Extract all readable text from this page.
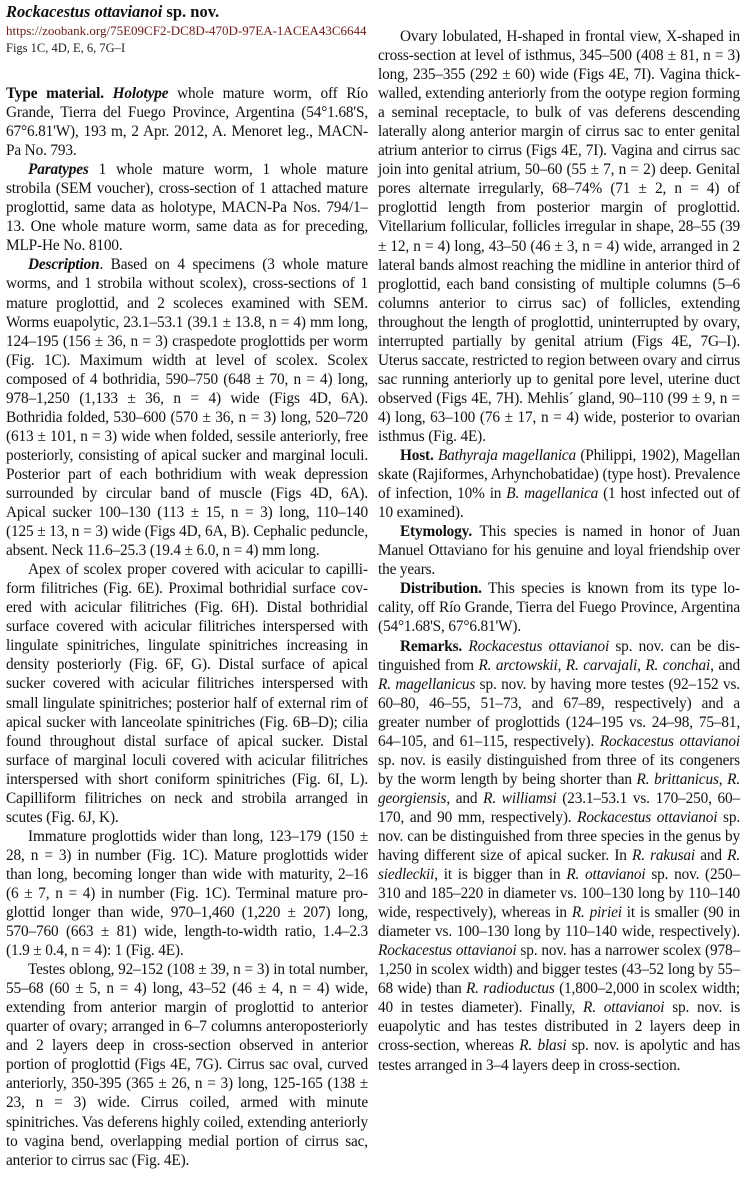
Rockacestus ottavianoi sp. nov.

https://zoobank.org/75E09CF2-DC8D-470D-97EA-1ACEA43C6644
Figs 1C, 4D, E, 6, 7G–I

Type material. Holotype whole mature worm, off Río Grande, Tierra del Fuego Province, Argentina (54°1.68'S, 67°6.81'W), 193 m, 2 Apr. 2012, A. Menoret leg., MACN-Pa No. 793.

Paratypes 1 whole mature worm, 1 whole mature strobila (SEM voucher), cross-section of 1 attached mature proglottid, same data as holotype, MACN-Pa Nos. 794/1–13. One whole mature worm, same data as for preceding, MLP-He No. 8100.

Description. Based on 4 specimens (3 whole mature worms, and 1 strobila without scolex), cross-sections of 1 mature proglottid, and 2 scoleces examined with SEM. Worms euapolytic, 23.1–53.1 (39.1 ± 13.8, n = 4) mm long, 124–195 (156 ± 36, n = 3) craspedote proglottids per worm (Fig. 1C). Maximum width at level of scolex. Scolex composed of 4 bothridia, 590–750 (648 ± 70, n = 4) long, 978–1,250 (1,133 ± 36, n = 4) wide (Figs 4D, 6A). Bothridia folded, 530–600 (570 ± 36, n = 3) long, 520–720 (613 ± 101, n = 3) wide when folded, sessile anteriorly, free posteriorly, consisting of apical sucker and marginal loculi. Posterior part of each bothridium with weak depression surrounded by circular band of muscle (Figs 4D, 6A). Apical sucker 100–130 (113 ± 15, n = 3) long, 110–140 (125 ± 13, n = 3) wide (Figs 4D, 6A, B). Cephalic peduncle, absent. Neck 11.6–25.3 (19.4 ± 6.0, n = 4) mm long.

Apex of scolex proper covered with acicular to capilliform filitriches (Fig. 6E). Proximal bothridial surface covered with acicular filitriches (Fig. 6H). Distal bothridial surface covered with acicular filitriches interspersed with lingulate spinitriches, lingulate spinitriches increasing in density posteriorly (Fig. 6F, G). Distal surface of apical sucker covered with acicular filitriches interspersed with small lingulate spinitriches; posterior half of external rim of apical sucker with lanceolate spinitriches (Fig. 6B–D); cilia found throughout distal surface of apical sucker. Distal surface of marginal loculi covered with acicular filitriches interspersed with short coniform spinitriches (Fig. 6I, L). Capilliform filitriches on neck and strobila arranged in scutes (Fig. 6J, K).

Immature proglottids wider than long, 123–179 (150 ± 28, n = 3) in number (Fig. 1C). Mature proglottids wider than long, becoming longer than wide with maturity, 2–16 (6 ± 7, n = 4) in number (Fig. 1C). Terminal mature proglottid longer than wide, 970–1,460 (1,220 ± 207) long, 570–760 (663 ± 81) wide, length-to-width ratio, 1.4–2.3 (1.9 ± 0.4, n = 4): 1 (Fig. 4E).

Testes oblong, 92–152 (108 ± 39, n = 3) in total number, 55–68 (60 ± 5, n = 4) long, 43–52 (46 ± 4, n = 4) wide, extending from anterior margin of proglottid to anterior quarter of ovary; arranged in 6–7 columns anteroposteriorly and 2 layers deep in cross-section observed in anterior portion of proglottid (Figs 4E, 7G). Cirrus sac oval, curved anteriorly, 350-395 (365 ± 26, n = 3) long, 125-165 (138 ± 23, n = 3) wide. Cirrus coiled, armed with minute spinitriches. Vas deferens highly coiled, extending anteriorly to vagina bend, overlapping medial portion of cirrus sac, anterior to cirrus sac (Fig. 4E).

Ovary lobulated, H-shaped in frontal view, X-shaped in cross-section at level of isthmus, 345–500 (408 ± 81, n = 3) long, 235–355 (292 ± 60) wide (Figs 4E, 7I). Vagina thick-walled, extending anteriorly from the ootype region forming a seminal receptacle, to bulk of vas deferens descending laterally along anterior margin of cirrus sac to enter genital atrium anterior to cirrus (Figs 4E, 7I). Vagina and cirrus sac join into genital atrium, 50–60 (55 ± 7, n = 2) deep. Genital pores alternate irregularly, 68–74% (71 ± 2, n = 4) of proglottid length from posterior margin of proglottid. Vitellarium follicular, follicles irregular in shape, 28–55 (39 ± 12, n = 4) long, 43–50 (46 ± 3, n = 4) wide, arranged in 2 lateral bands almost reaching the midline in anterior third of proglottid, each band consisting of multiple columns (5–6 columns anterior to cirrus sac) of follicles, extending throughout the length of proglottid, uninterrupted by ovary, interrupted partially by genital atrium (Figs 4E, 7G–I). Uterus saccate, restricted to region between ovary and cirrus sac running anteriorly up to genital pore level, uterine duct observed (Figs 4E, 7H). Mehlis´ gland, 90–110 (99 ± 9, n = 4) long, 63–100 (76 ± 17, n = 4) wide, posterior to ovarian isthmus (Fig. 4E).

Host. Bathyraja magellanica (Philippi, 1902), Magellan skate (Rajiformes, Arhynchobatidae) (type host). Prevalence of infection, 10% in B. magellanica (1 host infected out of 10 examined).

Etymology. This species is named in honor of Juan Manuel Ottaviano for his genuine and loyal friendship over the years.

Distribution. This species is known from its type locality, off Río Grande, Tierra del Fuego Province, Argentina (54°1.68'S, 67°6.81'W).

Remarks. Rockacestus ottavianoi sp. nov. can be distinguished from R. arctowskii, R. carvajali, R. conchai, and R. magellanicus sp. nov. by having more testes (92–152 vs. 60–80, 46–55, 51–73, and 67–89, respectively) and a greater number of proglottids (124–195 vs. 24–98, 75–81, 64–105, and 61–115, respectively). Rockacestus ottavianoi sp. nov. is easily distinguished from three of its congeners by the worm length by being shorter than R. brittanicus, R. georgiensis, and R. williamsi (23.1–53.1 vs. 170–250, 60–170, and 90 mm, respectively). Rockacestus ottavianoi sp. nov. can be distinguished from three species in the genus by having different size of apical sucker. In R. rakusai and R. siedleckii, it is bigger than in R. ottavianoi sp. nov. (250–310 and 185–220 in diameter vs. 100–130 long by 110–140 wide, respectively), whereas in R. piriei it is smaller (90 in diameter vs. 100–130 long by 110–140 wide, respectively). Rockacestus ottavianoi sp. nov. has a narrower scolex (978–1,250 in scolex width) and bigger testes (43–52 long by 55–68 wide) than R. radioductus (1,800–2,000 in scolex width; 40 in testes diameter). Finally, R. ottavianoi sp. nov. is euapolytic and has testes distributed in 2 layers deep in cross-section, whereas R. blasi sp. nov. is apolytic and has testes arranged in 3–4 layers deep in cross-section.
